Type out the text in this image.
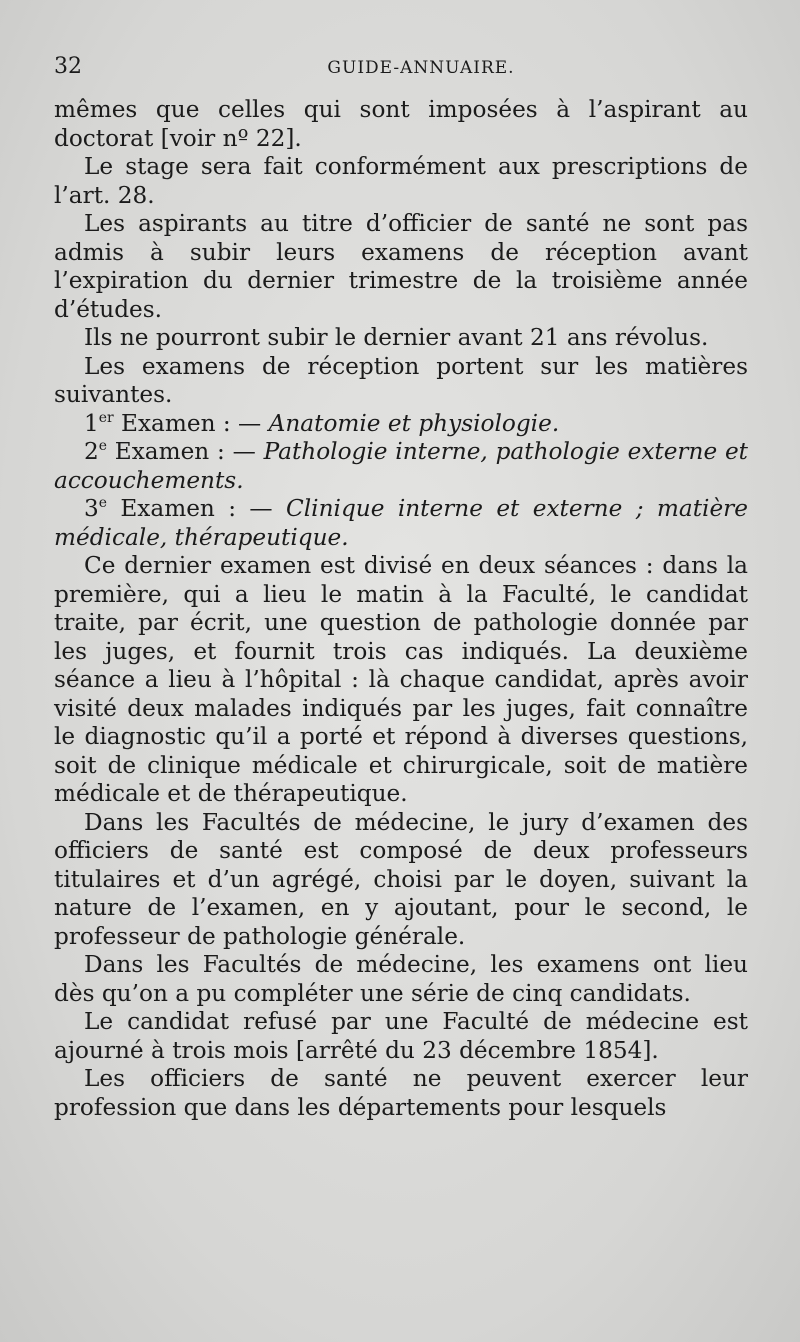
32	GUIDE-ANNUAIRE.

mêmes que celles qui sont imposées à l’aspirant au doctorat [voir nº 22].

Le stage sera fait conformément aux prescriptions de l’art. 28.

Les aspirants au titre d’officier de santé ne sont pas admis à subir leurs examens de réception avant l’expiration du dernier trimestre de la troisième année d’études.

Ils ne pourront subir le dernier avant 21 ans révolus.

Les examens de réception portent sur les matières suivantes.

1er Examen : — Anatomie et physiologie.

2e Examen : — Pathologie interne, pathologie externe et accouchements.

3e Examen : — Clinique interne et externe ; matière médicale, thérapeutique.

Ce dernier examen est divisé en deux séances : dans la première, qui a lieu le matin à la Faculté, le candidat traite, par écrit, une question de pathologie donnée par les juges, et fournit trois cas indiqués. La deuxième séance a lieu à l’hôpital : là chaque candidat, après avoir visité deux malades indiqués par les juges, fait connaître le diagnostic qu’il a porté et répond à diverses questions, soit de clinique médicale et chirurgicale, soit de matière médicale et de thérapeutique.

Dans les Facultés de médecine, le jury d’examen des officiers de santé est composé de deux professeurs titulaires et d’un agrégé, choisi par le doyen, suivant la nature de l’examen, en y ajoutant, pour le second, le professeur de pathologie générale.

Dans les Facultés de médecine, les examens ont lieu dès qu’on a pu compléter une série de cinq candidats.

Le candidat refusé par une Faculté de médecine est ajourné à trois mois [arrêté du 23 décembre 1854].

Les officiers de santé ne peuvent exercer leur profession que dans les départements pour lesquels
